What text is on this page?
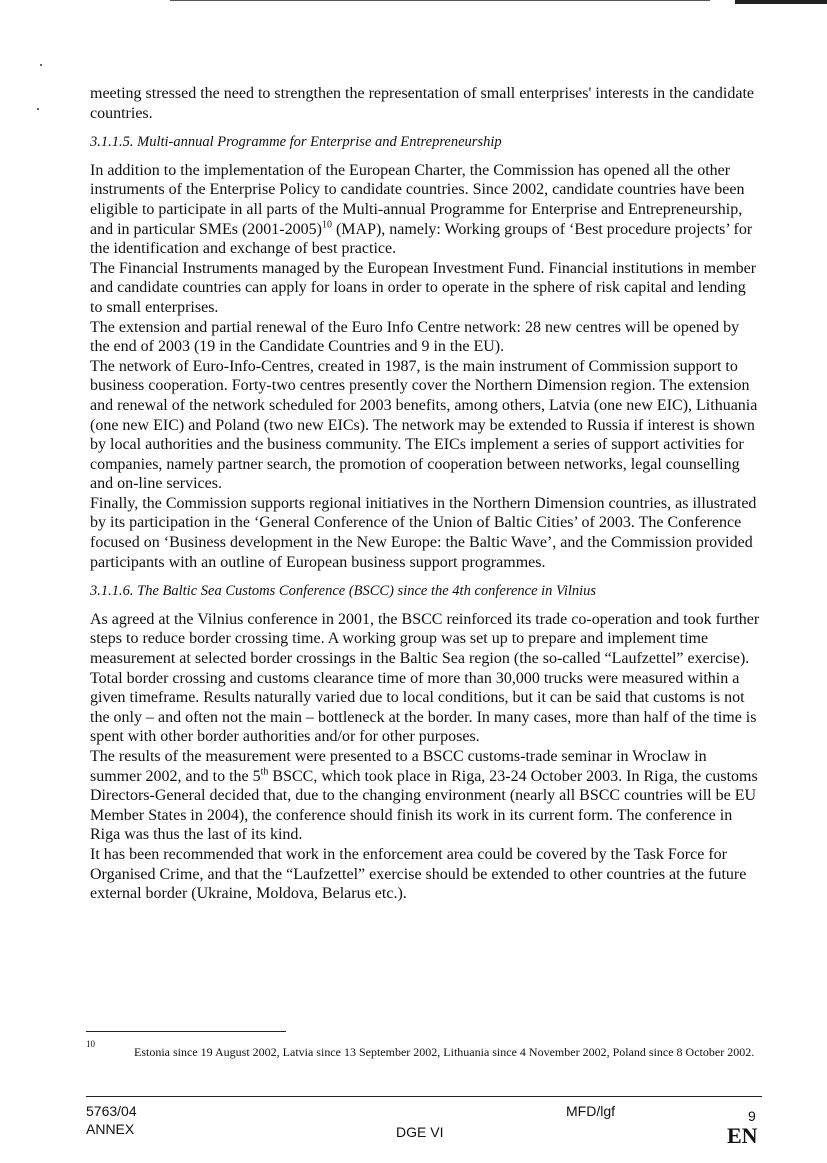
meeting stressed the need to strengthen the representation of small enterprises' interests in the candidate countries.

3.1.1.5. Multi-annual Programme for Enterprise and Entrepreneurship

In addition to the implementation of the European Charter, the Commission has opened all the other instruments of the Enterprise Policy to candidate countries. Since 2002, candidate countries have been eligible to participate in all parts of the Multi-annual Programme for Enterprise and Entrepreneurship, and in particular SMEs (2001-2005)$^{10}$ (MAP), namely: Working groups of ‘Best procedure projects’ for the identification and exchange of best practice.

The Financial Instruments managed by the European Investment Fund. Financial institutions in member and candidate countries can apply for loans in order to operate in the sphere of risk capital and lending to small enterprises.

The extension and partial renewal of the Euro Info Centre network: 28 new centres will be opened by the end of 2003 (19 in the Candidate Countries and 9 in the EU).

The network of Euro-Info-Centres, created in 1987, is the main instrument of Commission support to business cooperation. Forty-two centres presently cover the Northern Dimension region. The extension and renewal of the network scheduled for 2003 benefits, among others, Latvia (one new EIC), Lithuania (one new EIC) and Poland (two new EICs). The network may be extended to Russia if interest is shown by local authorities and the business community. The EICs implement a series of support activities for companies, namely partner search, the promotion of cooperation between networks, legal counselling and on-line services.

Finally, the Commission supports regional initiatives in the Northern Dimension countries, as illustrated by its participation in the ‘General Conference of the Union of Baltic Cities’ of 2003. The Conference focused on ‘Business development in the New Europe: the Baltic Wave’, and the Commission provided participants with an outline of European business support programmes.

3.1.1.6. The Baltic Sea Customs Conference (BSCC) since the 4th conference in Vilnius

As agreed at the Vilnius conference in 2001, the BSCC reinforced its trade co-operation and took further steps to reduce border crossing time. A working group was set up to prepare and implement time measurement at selected border crossings in the Baltic Sea region (the so-called “Laufzettel” exercise). Total border crossing and customs clearance time of more than 30,000 trucks were measured within a given timeframe. Results naturally varied due to local conditions, but it can be said that customs is not the only – and often not the main – bottleneck at the border. In many cases, more than half of the time is spent with other border authorities and/or for other purposes.

The results of the measurement were presented to a BSCC customs-trade seminar in Wroclaw in summer 2002, and to the 5th BSCC, which took place in Riga, 23-24 October 2003. In Riga, the customs Directors-General decided that, due to the changing environment (nearly all BSCC countries will be EU Member States in 2004), the conference should finish its work in its current form. The conference in Riga was thus the last of its kind.

It has been recommended that work in the enforcement area could be covered by the Task Force for Organised Crime, and that the “Laufzettel” exercise should be extended to other countries at the future external border (Ukraine, Moldova, Belarus etc.).

10
Estonia since 19 August 2002, Latvia since 13 September 2002, Lithuania since 4 November 2002, Poland since 8 October 2002.
5763/04
ANNEX	DGE VI
MFD/lgf	9
EN
